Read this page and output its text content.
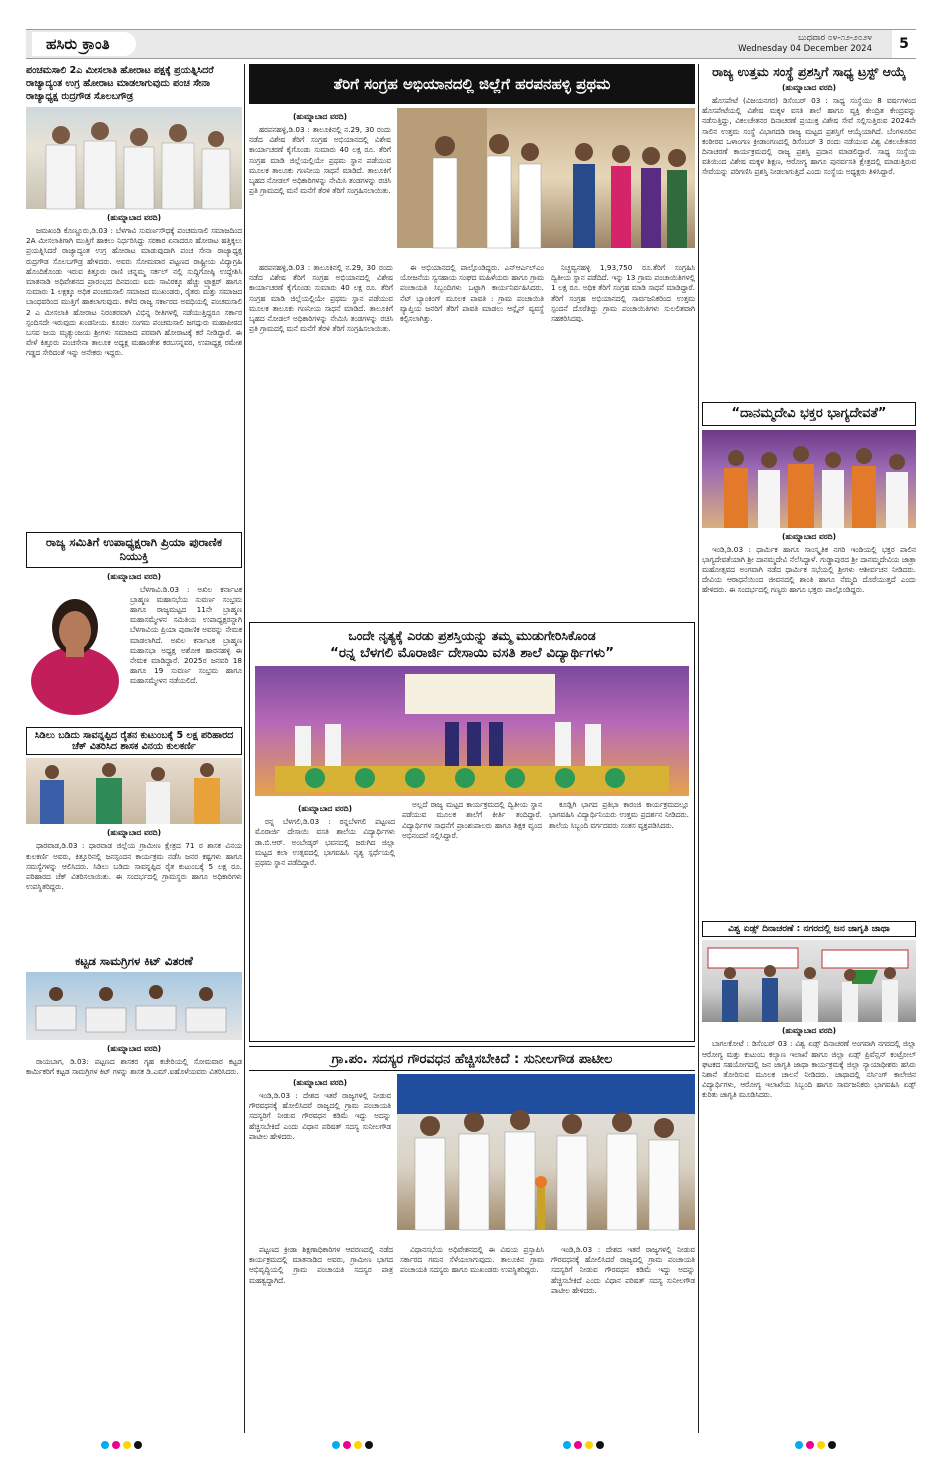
ಹಸಿರು ಕ್ರಾಂತಿ	ಬುಧವಾರ ೦೪-೧೨-೨೦೨೪
Wednesday 04 December 2024	5
ಪಂಚಮಸಾಲಿ 2ಎ ಮೀಸಲಾತಿ ಹೋರಾಟ ಪಕ್ಷಕ್ಕೆ ಪ್ರಯತ್ನಿಸಿದರೆ ರಾಜ್ಯಾದ್ಯಂತ ಉಗ್ರ ಹೋರಾಟ ಮಾಡಲಾಗುವುದು ಪಂಚ ಸೇನಾ ರಾಜ್ಯಾಧ್ಯಕ್ಷ ರುದ್ರಗೌಡ ಸೊಲಬಗೌಡ್ರ
(ಹುಮ್ನಾಬಾದ ವರದಿ)

ಜಮಖಂಡಿ ಕೊಣ್ಣೂರು,ಡಿ.03 : ಬೆಳಗಾವಿ ಸುವರ್ಣಸೌಧಕ್ಕೆ ಪಂಚಮಸಾಲಿ ಸಮಾಜದಿಂದ 2A ಮೀಸಲಾತಿಗಾಗಿ ಮುತ್ತಿಗೆ ಹಾಕಲು ನಿರ್ಧರಿಸಿದ್ದು ಸರಕಾರ ಏನಾದರೂ ಹೋರಾಟ ಹತ್ತಿಕ್ಕಲು ಪ್ರಯತ್ನಿಸಿದರೆ ರಾಜ್ಯಾದ್ಯಂತ ಉಗ್ರ ಹೋರಾಟ ಮಾಡುವುದಾಗಿ ಪಂಚ ಸೇನಾ ರಾಜ್ಯಾಧ್ಯಕ್ಷ ರುದ್ರಗೌಡ ಸೊಲಬಗೌಡ್ರ ಹೇಳಿದರು. ಅವರು ಸೋಮವಾರ ಪಟ್ಟಣದ ರಾಷ್ಟ್ರೀಯ ವಿದ್ಯಾಗ್ರಹಿ ಹೊಂದಿಕೊಂಡು ಇರುವ ಕಿತ್ತೂರು ರಾಣಿ ಚನ್ನಮ್ಮ ಸರ್ಕಲ್ ನಲ್ಲಿ ಸುದ್ದಿಗೋಷ್ಠಿ ಉದ್ದೇಶಿಸಿ ಮಾತನಾಡಿ ಅಧಿವೇಶನದ ಪ್ರಾರಂಭದ ದಿನದಂದು ಐದು ಸಾವಿರಕ್ಕೂ ಹೆಚ್ಚು ಟ್ರ್ಯಾಕ್ಟರ್ ಹಾಗೂ ಸುಮಾರು 1 ಲಕ್ಷಕ್ಕೂ ಅಧಿಕ ಪಂಚಮಸಾಲಿ ಸಮಾಜದ ಮುಖಂಡರು, ರೈತರು ಮತ್ತು ಸಮಾಜದ ಬಾಂಧವರಿಂದ ಮುತ್ತಿಗೆ ಹಾಕಲಾಗುವುದು. ಕಳೆದ ರಾಜ್ಯ ಸರ್ಕಾರದ ಅವಧಿಯಲ್ಲಿ ಪಂಚಮಸಾಲಿ 2 ಎ ಮೀಸಲಾತಿ ಹೋರಾಟ ನಿರಂತರವಾಗಿ ವಿಭಿನ್ನ ರೀತಿಗಳಲ್ಲಿ ನಡೆಯುತ್ತಿದ್ದರೂ ಸರ್ಕಾರ ಸ್ಪಂದಿಸದೇ ಇರುವುದು ಖಂಡನೀಯ. ಕೂಡಲ ಸಂಗಮ ಪಂಚಮಸಾಲಿ ಜಗದ್ಗುರು ಮಹಾಪೀಠದ ಬಸವ ಜಯ ಮೃತ್ಯುಂಜಯ ಶ್ರೀಗಳು ಸಮಾಜದ ಪರವಾಗಿ ಹೋರಾಟಕ್ಕೆ ಕರೆ ನೀಡಿದ್ದಾರೆ. ಈ ವೇಳೆ ಕಿತ್ತೂರು ಪಂಚಸೇನಾ ತಾಲೂಕ ಅಧ್ಯಕ್ಷ ಮಹಾಂತೇಶ ಕರಬಸನ್ನವರ, ಉಪಾಧ್ಯಕ್ಷ ರಮೇಶ ಗಡ್ಡದ ಸೇರಿದಂತೆ ಇನ್ನು ಅನೇಕರು ಇದ್ದರು.

ರಾಜ್ಯ ಸಮಿತಿಗೆ ಉಪಾಧ್ಯಕ್ಷರಾಗಿ ಪ್ರಿಯಾ ಪುರಾಣಿಕ ನಿಯುಕ್ತಿ
(ಹುಮ್ನಾಬಾದ ವರದಿ)

ಬೆಳಗಾವಿ.ಡಿ.03 : ಅಖಿಲ ಕರ್ನಾಟಕ ಬ್ರಾಹ್ಮಣ ಮಹಾಸಭೆಯ ಸುವರ್ಣ ಸಂಭ್ರಮ ಹಾಗೂ ರಾಜ್ಯಮಟ್ಟದ 11ನೇ ಬ್ರಾಹ್ಮಣ ಮಹಾಸಮ್ಮೇಳನ ಸಮಿತಿಯ ಉಪಾಧ್ಯಕ್ಷರನ್ನಾಗಿ ಬೆಳಗಾವಿಯ ಪ್ರಿಯಾ ಪುರಾಣಿಕ ಅವರನ್ನು ನೇಮಕ ಮಾಡಲಾಗಿದೆ. ಅಖಿಲ ಕರ್ನಾಟಕ ಬ್ರಾಹ್ಮಣ ಮಹಾಸಭಾ ಅಧ್ಯಕ್ಷ ಅಶೋಕ ಹಾರನಹಳ್ಳಿ ಈ ನೇಮಕ ಮಾಡಿದ್ದಾರೆ. 2025ರ ಜನವರಿ 18 ಹಾಗೂ 19 ಸುವರ್ಣ ಸಂಭ್ರಮ ಹಾಗೂ ಮಹಾಸಮ್ಮೇಳನ ನಡೆಯಲಿದೆ.

ಸಿಡಿಲು ಬಡಿದು ಸಾವನ್ನಪ್ಪಿದ ರೈತನ ಕುಟುಂಬಕ್ಕೆ 5 ಲಕ್ಷ ಪರಿಹಾರದ ಚೆಕ್ ವಿತರಿಸಿದ ಶಾಸಕ ವಿನಯ ಕುಲಕರ್ಣಿ
(ಹುಮ್ನಾಬಾದ ವರದಿ)

ಧಾರವಾಡ,ಡಿ.03 : ಧಾರವಾಡ ಜಿಲ್ಲೆಯ ಗ್ರಾಮೀಣ ಕ್ಷೇತ್ರದ 71 ರ ಶಾಸಕ ವಿನಯ ಕುಲಕರ್ಣಿ ಅವರು, ಕಿತ್ತೂರಿನಲ್ಲಿ ಜನಸ್ಪಂದನ ಕಾರ್ಯಕ್ರಮ ನಡೆಸಿ ಜನರ ಕಷ್ಟಗಳು ಹಾಗೂ ಸಮಸ್ಯೆಗಳನ್ನು ಆಲಿಸಿದರು. ಸಿಡಿಲು ಬಡಿದು ಸಾವನ್ನಪ್ಪಿದ ರೈತ ಕುಟುಂಬಕ್ಕೆ 5 ಲಕ್ಷ ರೂ. ಪರಿಹಾರದ ಚೆಕ್ ವಿತರಿಸಲಾಯಿತು. ಈ ಸಂದರ್ಭದಲ್ಲಿ ಗ್ರಾಮಸ್ಥರು ಹಾಗೂ ಅಧಿಕಾರಿಗಳು ಉಪಸ್ಥಿತರಿದ್ದರು.

ಕಟ್ಟಡ ಸಾಮಗ್ರಿಗಳ ಕಿಟ್ ವಿತರಣೆ
(ಹುಮ್ನಾಬಾದ ವರದಿ)

ರಾಯಬಾಗ, ಡಿ.03: ಪಟ್ಟಣದ ಶಾಸಕರ ಗೃಹ ಕಚೇರಿಯಲ್ಲಿ ಸೋಮವಾರ ಕಟ್ಟಡ ಕಾರ್ಮಿಕರಿಗೆ ಕಟ್ಟಡ ಸಾಮಗ್ರಿಗಳ ಕಿಟ್ ಗಳನ್ನು ಶಾಸಕ ಡಿ.ಎಮ್.ಐಹೊಳೆಯವರು ವಿತರಿಸಿದರು.

ತೆರಿಗೆ ಸಂಗ್ರಹ ಅಭಿಯಾನದಲ್ಲಿ ಜಿಲ್ಲೆಗೆ ಹರಪನಹಳ್ಳಿ ಪ್ರಥಮ
(ಹುಮ್ನಾಬಾದ ವರದಿ)

ಹರಪನಹಳ್ಳಿ,ಡಿ.03 : ತಾಲೂಕಿನಲ್ಲಿ ನ.29, 30 ರಂದು ನಡೆದ ವಿಶೇಷ ತೆರಿಗೆ ಸಂಗ್ರಹ ಅಭಿಯಾನದಲ್ಲಿ ವಿಶೇಷ ಕಾರ್ಯಾಚರಣೆ ಕೈಗೊಂಡು ಸುಮಾರು 40 ಲಕ್ಷ ರೂ. ತೆರಿಗೆ ಸಂಗ್ರಹ ಮಾಡಿ ಜಿಲ್ಲೆಯಲ್ಲಿಯೇ ಪ್ರಥಮ ಸ್ಥಾನ ಪಡೆಯುವ ಮೂಲಕ ತಾಲೂಕು ಗಣನೀಯ ಸಾಧನೆ ಮಾಡಿದೆ. ತಾಲೂಕಿಗೆ ಬೃಹದ ನೋಡಲ್ ಅಧಿಕಾರಿಗಳನ್ನು ನೇಮಿಸಿ ತಂಡಗಳನ್ನು ರಚಿಸಿ ಪ್ರತಿ ಗ್ರಾಮದಲ್ಲಿ ಮನೆ ಮನೆಗೆ ತೆರಳಿ ತೆರಿಗೆ ಸಂಗ್ರಹಿಸಲಾಯಿತು.

ಹರಪನಹಳ್ಳಿ,ಡಿ.03 : ತಾಲೂಕಿನಲ್ಲಿ ನ.29, 30 ರಂದು ನಡೆದ ವಿಶೇಷ ತೆರಿಗೆ ಸಂಗ್ರಹ ಅಭಿಯಾನದಲ್ಲಿ ವಿಶೇಷ ಕಾರ್ಯಾಚರಣೆ ಕೈಗೊಂಡು ಸುಮಾರು 40 ಲಕ್ಷ ರೂ. ತೆರಿಗೆ ಸಂಗ್ರಹ ಮಾಡಿ ಜಿಲ್ಲೆಯಲ್ಲಿಯೇ ಪ್ರಥಮ ಸ್ಥಾನ ಪಡೆಯುವ ಮೂಲಕ ತಾಲೂಕು ಗಣನೀಯ ಸಾಧನೆ ಮಾಡಿದೆ. ತಾಲೂಕಿಗೆ ಬೃಹದ ನೋಡಲ್ ಅಧಿಕಾರಿಗಳನ್ನು ನೇಮಿಸಿ ತಂಡಗಳನ್ನು ರಚಿಸಿ ಪ್ರತಿ ಗ್ರಾಮದಲ್ಲಿ ಮನೆ ಮನೆಗೆ ತೆರಳಿ ತೆರಿಗೆ ಸಂಗ್ರಹಿಸಲಾಯಿತು.

ಈ ಅಭಿಯಾನದಲ್ಲಿ ಪಾಲ್ಗೊಂಡಿದ್ದರು. ಎನ್ಆರ್ಎಲ್ಎಂ ಯೋಜನೆಯ ಸ್ವಸಹಾಯ ಸಂಘದ ಮಹಿಳೆಯರು ಹಾಗೂ ಗ್ರಾಮ ಪಂಚಾಯತಿ ಸಿಬ್ಬಂದಿಗಳು ಒಟ್ಟಾಗಿ ಕಾರ್ಯನಿರ್ವಹಿಸಿದರು. ನೆಟ್ ಬ್ಯಾಂಕಿಂಗ್ ಮೂಲಕ ಪಾವತಿ : ಗ್ರಾಮ ಪಂಚಾಯಿತಿ ವ್ಯಾಪ್ತಿಯ ಜನರಿಗೆ ತೆರಿಗೆ ಪಾವತಿ ಮಾಡಲು ಆನ್ಲೈನ್ ವ್ಯವಸ್ಥೆ ಕಲ್ಪಿಸಲಾಗಿತ್ತು.

ನಿಚ್ಚವ್ವನಹಳ್ಳಿ 1,93,750 ರೂ.ತೆರಿಗೆ ಸಂಗ್ರಹಿಸಿ ದ್ವಿತೀಯ ಸ್ಥಾನ ಪಡೆದಿದೆ. ಇನ್ನು 13 ಗ್ರಾಮ ಪಂಚಾಯಿತಿಗಳಲ್ಲಿ 1 ಲಕ್ಷ ರೂ. ಅಧಿಕ ತೆರಿಗೆ ಸಂಗ್ರಹ ಮಾಡಿ ಸಾಧನೆ ಮಾಡಿದ್ದಾರೆ. ತೆರಿಗೆ ಸಂಗ್ರಹ ಅಭಿಯಾನದಲ್ಲಿ ಸಾರ್ವಜನಿಕರಿಂದ ಉತ್ತಮ ಸ್ಪಂದನೆ ದೊರೆತಿದ್ದು ಗ್ರಾಮ ಪಂಚಾಯಿತಿಗಳು ಸುಲಲಿತವಾಗಿ ಸಹಕರಿಸಿದವು.

ಒಂದೇ ನೃತ್ಯಕ್ಕೆ ಎರಡು ಪ್ರಶಸ್ತಿಯನ್ನು ತಮ್ಮ ಮುಡುಗೇರಿಸಿಕೊಂಡ
“ರನ್ನ ಬೆಳಗಲಿ ಮೊರಾರ್ಜಿ ದೇಸಾಯಿ ವಸತಿ ಶಾಲೆ ವಿದ್ಯಾರ್ಥಿಗಳು”
(ಹುಮ್ನಾಬಾದ ವರದಿ)

ರನ್ನ ಬೆಳಗಲಿ,ಡಿ.03 : ರನ್ನಬೆಳಗಲಿ ಪಟ್ಟಣದ ಮೊರಾರ್ಜಿ ದೇಸಾಯಿ ವಸತಿ ಶಾಲೆಯ ವಿದ್ಯಾರ್ಥಿಗಳು ಡಾ.ಬಿ.ಆರ್. ಅಂಬೇಡ್ಕರ್ ಭವನದಲ್ಲಿ ಜರುಗಿದ ಜಿಲ್ಲಾ ಮಟ್ಟದ ಕಲಾ ಉತ್ಸವದಲ್ಲಿ ಭಾಗವಹಿಸಿ ನೃತ್ಯ ಸ್ಪರ್ಧೆಯಲ್ಲಿ ಪ್ರಥಮ ಸ್ಥಾನ ಪಡೆದಿದ್ದಾರೆ.

ಅಲ್ಲದೆ ರಾಜ್ಯ ಮಟ್ಟದ ಕಾರ್ಯಕ್ರಮದಲ್ಲಿ ದ್ವಿತೀಯ ಸ್ಥಾನ ಪಡೆಯುವ ಮೂಲಕ ಶಾಲೆಗೆ ಕೀರ್ತಿ ತಂದಿದ್ದಾರೆ. ವಿದ್ಯಾರ್ಥಿಗಳ ಸಾಧನೆಗೆ ಪ್ರಾಂಶುಪಾಲರು ಹಾಗೂ ಶಿಕ್ಷಕ ವೃಂದ ಅಭಿನಂದನೆ ಸಲ್ಲಿಸಿದ್ದಾರೆ.

ಕೂಡ್ಲಿಗಿ ಭಾಗದ ಪ್ರತಿಭಾ ಕಾರಂಜಿ ಕಾರ್ಯಕ್ರಮದಲ್ಲೂ ಭಾಗವಹಿಸಿ ವಿದ್ಯಾರ್ಥಿನಿಯರು ಉತ್ತಮ ಪ್ರದರ್ಶನ ನೀಡಿದರು. ಶಾಲೆಯ ಸಿಬ್ಬಂದಿ ವರ್ಗದವರು ಸಂತಸ ವ್ಯಕ್ತಪಡಿಸಿದರು.

ಗ್ರಾ.ಪಂ. ಸದಸ್ಯರ ಗೌರವಧನ ಹೆಚ್ಚಿಸಬೇಕಿದೆ : ಸುನೀಲಗೌಡ ಪಾಟೀಲ
(ಹುಮ್ನಾಬಾದ ವರದಿ)

ಇಂಡಿ,ಡಿ.03 : ದೇಶದ ಇತರೆ ರಾಜ್ಯಗಳಲ್ಲಿ ನೀಡುವ ಗೌರವಧನಕ್ಕೆ ಹೋಲಿಸಿದರೆ ರಾಜ್ಯದಲ್ಲಿ ಗ್ರಾಮ ಪಂಚಾಯತಿ ಸದಸ್ಯರಿಗೆ ನೀಡುವ ಗೌರವಧನ ಕಡಿಮೆ ಇದ್ದು ಅದನ್ನು ಹೆಚ್ಚಿಸಬೇಕಿದೆ ಎಂದು ವಿಧಾನ ಪರಿಷತ್ ಸದಸ್ಯ ಸುನೀಲಗೌಡ ಪಾಟೀಲ ಹೇಳಿದರು.

ಪಟ್ಟಣದ ಕ್ರೀಡಾ ಶಿಕ್ಷಣಾಧಿಕಾರಿಗಳ ಆವರಣದಲ್ಲಿ ನಡೆದ ಕಾರ್ಯಕ್ರಮದಲ್ಲಿ ಮಾತನಾಡಿದ ಅವರು, ಗ್ರಾಮೀಣ ಭಾಗದ ಅಭಿವೃದ್ಧಿಯಲ್ಲಿ ಗ್ರಾಮ ಪಂಚಾಯತಿ ಸದಸ್ಯರ ಪಾತ್ರ ಮಹತ್ವದ್ದಾಗಿದೆ.

ವಿಧಾನಸಭೆಯ ಅಧಿವೇಶನದಲ್ಲಿ ಈ ವಿಷಯ ಪ್ರಸ್ತಾಪಿಸಿ ಸರ್ಕಾರದ ಗಮನ ಸೆಳೆಯಲಾಗುವುದು. ತಾಲೂಕಿನ ಗ್ರಾಮ ಪಂಚಾಯತಿ ಸದಸ್ಯರು ಹಾಗೂ ಮುಖಂಡರು ಉಪಸ್ಥಿತರಿದ್ದರು.

ಇಂಡಿ,ಡಿ.03 : ದೇಶದ ಇತರೆ ರಾಜ್ಯಗಳಲ್ಲಿ ನೀಡುವ ಗೌರವಧನಕ್ಕೆ ಹೋಲಿಸಿದರೆ ರಾಜ್ಯದಲ್ಲಿ ಗ್ರಾಮ ಪಂಚಾಯತಿ ಸದಸ್ಯರಿಗೆ ನೀಡುವ ಗೌರವಧನ ಕಡಿಮೆ ಇದ್ದು ಅದನ್ನು ಹೆಚ್ಚಿಸಬೇಕಿದೆ ಎಂದು ವಿಧಾನ ಪರಿಷತ್ ಸದಸ್ಯ ಸುನೀಲಗೌಡ ಪಾಟೀಲ ಹೇಳಿದರು.

ರಾಜ್ಯ ಉತ್ತಮ ಸಂಸ್ಥೆ ಪ್ರಶಸ್ತಿಗೆ ಸಾಧ್ಯ ಟ್ರಸ್ಟ್ ಆಯ್ಕೆ
(ಹುಮ್ನಾಬಾದ ವರದಿ)

ಹೊಸಪೇಟೆ (ವಿಜಯನಗರ) ಡಿಸೆಂಬರ್ 03 : ಸಾಧ್ಯ ಸಂಸ್ಥೆಯು 8 ವರ್ಷಗಳಿಂದ ಹೊಸಪೇಟೆಯಲ್ಲಿ ವಿಶೇಷ ಮಕ್ಕಳ ವಸತಿ ಶಾಲೆ ಹಾಗೂ ವ್ಯಕ್ತಿ ಕೇಂದ್ರಿತ ಕೇಂದ್ರವನ್ನು ನಡೆಸುತ್ತಿದ್ದು, ವಿಕಲಚೇತನರ ದಿನಾಚರಣೆ ಪ್ರಯುಕ್ತ ವಿಶೇಷ ಸೇವೆ ಸಲ್ಲಿಸುತ್ತಿರುವ 2024ನೇ ಸಾಲಿನ ಉತ್ತಮ ಸಂಸ್ಥೆ ವಿಭಾಗದಡಿ ರಾಜ್ಯ ಮಟ್ಟದ ಪ್ರಶಸ್ತಿಗೆ ಆಯ್ಕೆಯಾಗಿದೆ. ಬೆಂಗಳೂರಿನ ಕಂಠೀರವ ಒಳಾಂಗಣ ಕ್ರೀಡಾಂಗಣದಲ್ಲಿ ಡಿಸೆಂಬರ್ 3 ರಂದು ನಡೆಯುವ ವಿಶ್ವ ವಿಕಲಚೇತನರ ದಿನಾಚರಣೆ ಕಾರ್ಯಕ್ರಮದಲ್ಲಿ ರಾಜ್ಯ ಪ್ರಶಸ್ತಿ ಪ್ರದಾನ ಮಾಡಲಿದ್ದಾರೆ. ಸಾಧ್ಯ ಸಂಸ್ಥೆಯ ವತಿಯಿಂದ ವಿಶೇಷ ಮಕ್ಕಳ ಶಿಕ್ಷಣ, ಆರೋಗ್ಯ ಹಾಗೂ ಪುನರ್ವಸತಿ ಕ್ಷೇತ್ರದಲ್ಲಿ ಮಾಡುತ್ತಿರುವ ಸೇವೆಯನ್ನು ಪರಿಗಣಿಸಿ ಪ್ರಶಸ್ತಿ ನೀಡಲಾಗುತ್ತಿದೆ ಎಂದು ಸಂಸ್ಥೆಯ ಅಧ್ಯಕ್ಷರು ತಿಳಿಸಿದ್ದಾರೆ.

“ದಾನಮ್ಮದೇವಿ ಭಕ್ತರ ಭಾಗ್ಯದೇವತೆ”
(ಹುಮ್ನಾಬಾದ ವರದಿ)

ಇಂಡಿ,ಡಿ.03 : ಧಾರ್ಮಿಕ ಹಾಗೂ ಸಾಂಸ್ಕೃತಿಕ ನಗರಿ ಇಂಡಿಯಲ್ಲಿ ಭಕ್ತರ ಪಾಲಿನ ಭಾಗ್ಯದೇವತೆಯಾಗಿ ಶ್ರೀ ದಾನಮ್ಮದೇವಿ ನೆಲೆಸಿದ್ದಾಳೆ. ಗುಡ್ಡಾಪುರದ ಶ್ರೀ ದಾನಮ್ಮದೇವಿಯ ಜಾತ್ರಾ ಮಹೋತ್ಸವದ ಅಂಗವಾಗಿ ನಡೆದ ಧಾರ್ಮಿಕ ಸಭೆಯಲ್ಲಿ ಶ್ರೀಗಳು ಆಶೀರ್ವಚನ ನೀಡಿದರು. ದೇವಿಯ ಆರಾಧನೆಯಿಂದ ಜೀವನದಲ್ಲಿ ಶಾಂತಿ ಹಾಗೂ ನೆಮ್ಮದಿ ದೊರೆಯುತ್ತದೆ ಎಂದು ಹೇಳಿದರು. ಈ ಸಂದರ್ಭದಲ್ಲಿ ಗಣ್ಯರು ಹಾಗೂ ಭಕ್ತರು ಪಾಲ್ಗೊಂಡಿದ್ದರು.

ವಿಶ್ವ ಏಡ್ಸ್ ದಿನಾಚರಣೆ : ನಗರದಲ್ಲಿ ಜನ ಜಾಗೃತಿ ಜಾಥಾ
(ಹುಮ್ನಾಬಾದ ವರದಿ)

ಬಾಗಲಕೋಟೆ : ಡಿಸೆಂಬರ್ 03 : ವಿಶ್ವ ಏಡ್ಸ್ ದಿನಾಚರಣೆ ಅಂಗವಾಗಿ ನಗರದಲ್ಲಿ ಜಿಲ್ಲಾ ಆರೋಗ್ಯ ಮತ್ತು ಕುಟುಂಬ ಕಲ್ಯಾಣ ಇಲಾಖೆ ಹಾಗೂ ಜಿಲ್ಲಾ ಏಡ್ಸ್ ಪ್ರಿವೆನ್ಷನ್ ಕಂಟ್ರೋಲ್ ಘಟಕದ ಸಹಯೋಗದಲ್ಲಿ ಜನ ಜಾಗೃತಿ ಜಾಥಾ ಕಾರ್ಯಕ್ರಮಕ್ಕೆ ಜಿಲ್ಲಾ ನ್ಯಾಯಾಧೀಶರು ಹಸಿರು ನಿಶಾನೆ ತೋರಿಸುವ ಮೂಲಕ ಚಾಲನೆ ನೀಡಿದರು. ಜಾಥಾದಲ್ಲಿ ನರ್ಸಿಂಗ್ ಕಾಲೇಜಿನ ವಿದ್ಯಾರ್ಥಿಗಳು, ಆರೋಗ್ಯ ಇಲಾಖೆಯ ಸಿಬ್ಬಂದಿ ಹಾಗೂ ಸಾರ್ವಜನಿಕರು ಭಾಗವಹಿಸಿ ಏಡ್ಸ್ ಕುರಿತು ಜಾಗೃತಿ ಮೂಡಿಸಿದರು.
